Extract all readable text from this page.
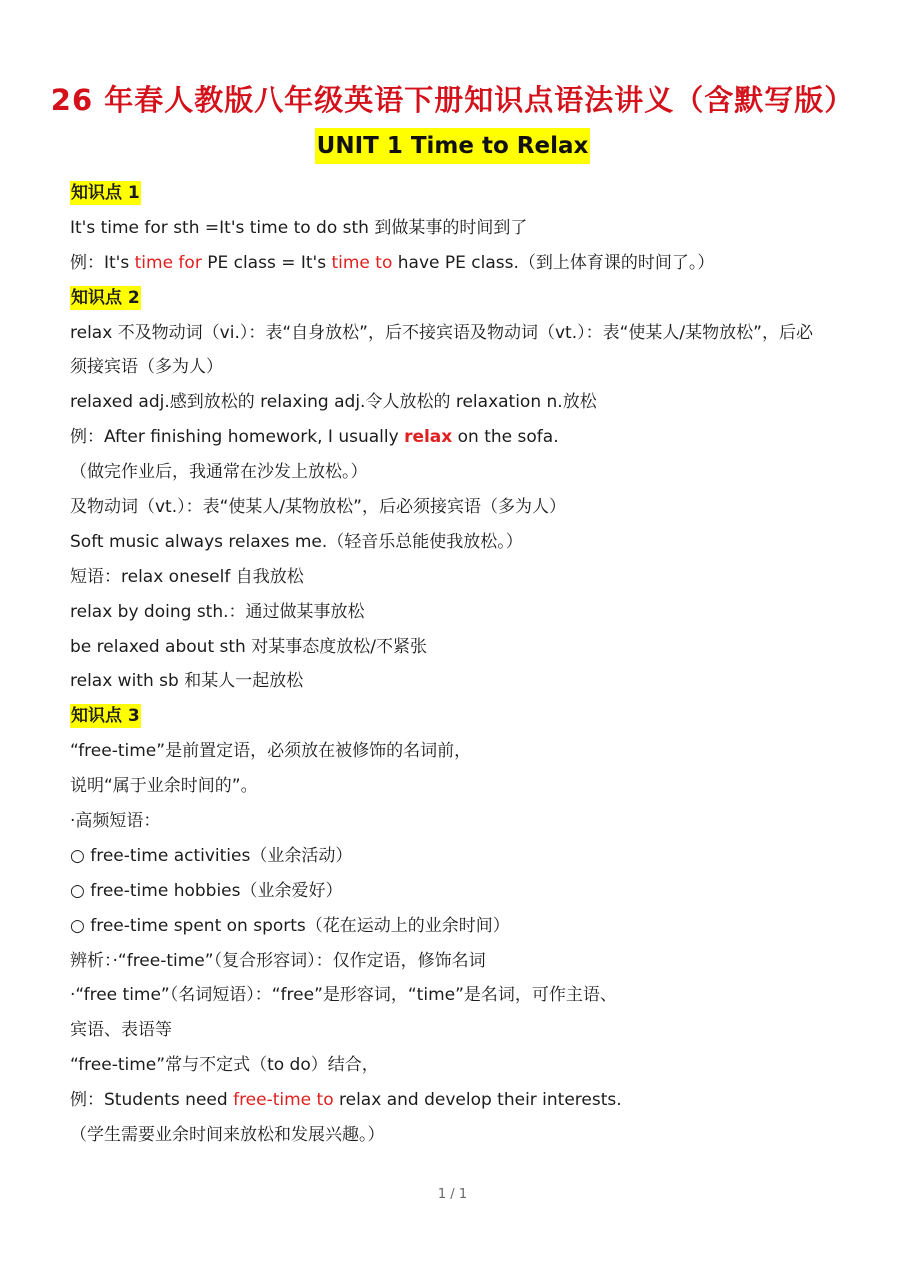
26 年春人教版八年级英语下册知识点语法讲义（含默写版）
UNIT 1 Time to Relax
知识点 1
It's time for sth =It's time to do sth 到做某事的时间到了
例：It's time for PE class = It's time to have PE class.（到上体育课的时间了。）
知识点 2
relax 不及物动词（vi.）：表“自身放松”，后不接宾语及物动词（vt.）：表“使某人/某物放松”，后必
须接宾语（多为人）
relaxed adj.感到放松的 relaxing adj.令人放松的 relaxation n.放松
例：After finishing homework, I usually relax on the sofa.
（做完作业后，我通常在沙发上放松。）
及物动词（vt.）：表“使某人/某物放松”，后必须接宾语（多为人）
Soft music always relaxes me.（轻音乐总能使我放松。）
短语：relax oneself 自我放松
relax by doing sth.：通过做某事放松
be relaxed about sth 对某事态度放松/不紧张
relax with sb 和某人一起放松
知识点 3
“free-time”是前置定语，必须放在被修饰的名词前，
说明“属于业余时间的”。
·高频短语：
○ free-time activities（业余活动）
○ free-time hobbies（业余爱好）
○ free-time spent on sports（花在运动上的业余时间）
辨析：·“free-time”（复合形容词）：仅作定语，修饰名词
·“free time”（名词短语）：“free”是形容词，“time”是名词，可作主语、
宾语、表语等
“free-time”常与不定式（to do）结合，
例：Students need free-time to relax and develop their interests.
（学生需要业余时间来放松和发展兴趣。）
1 / 1
